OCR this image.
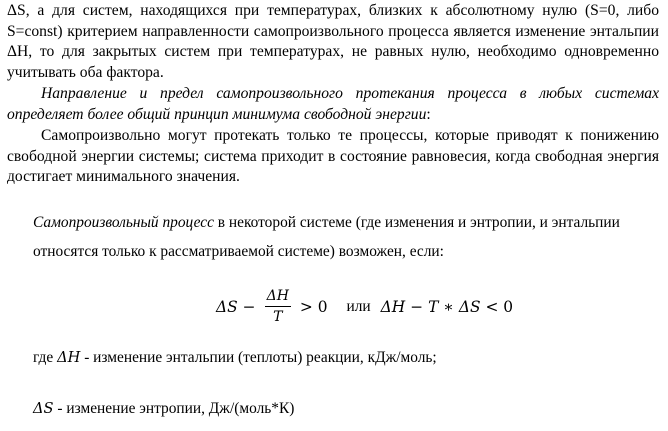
ΔS, а для систем, находящихся при температурах, близких к абсолютному нулю (S=0, либо S=const) критерием направленности самопроизвольного процесса является изменение энтальпии ΔH, то для закрытых систем при температурах, не равных нулю, необходимо одновременно учитывать оба фактора.

Направление и предел самопроизвольного протекания процесса в любых системах определяет более общий принцип минимума свободной энергии:

Самопроизвольно могут протекать только те процессы, которые приводят к понижению свободной энергии системы; система приходит в состояние равновесия, когда свободная энергия достигает минимального значения.

Самопроизвольный процесс в некоторой системе (где изменения и энтропии, и энтальпии относятся только к рассматриваемой системе) возможен, если:

$\Delta S - \frac{\Delta H}{T} > 0$ или ΔH − T ∗ ΔS < 0

где ΔH - изменение энтальпии (теплоты) реакции, кДж/моль;

ΔS - изменение энтропии, Дж/(моль*К)
